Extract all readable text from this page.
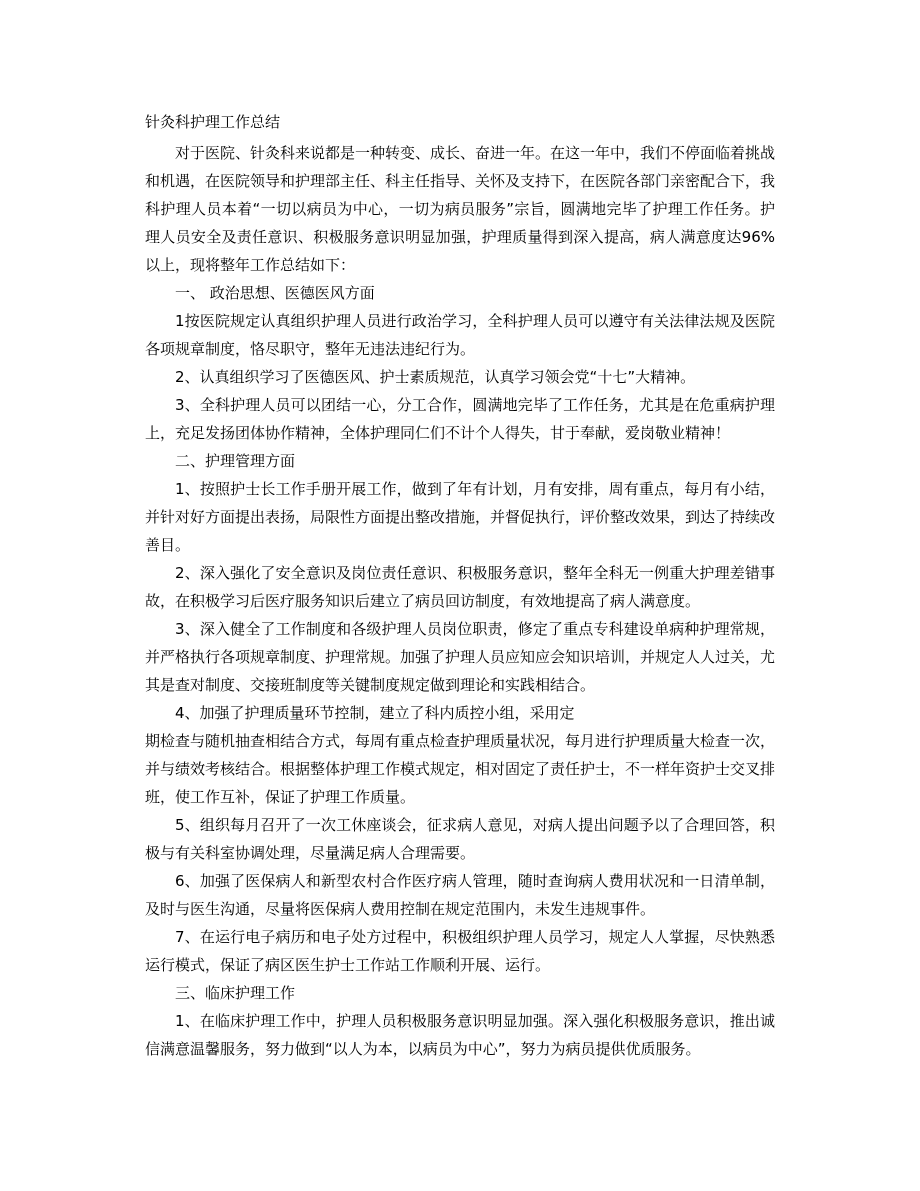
针灸科护理工作总结

对于医院、针灸科来说都是一种转变、成长、奋进一年。在这一年中，我们不停面临着挑战和机遇，在医院领导和护理部主任、科主任指导、关怀及支持下，在医院各部门亲密配合下，我科护理人员本着“一切以病员为中心，一切为病员服务”宗旨，圆满地完毕了护理工作任务。护理人员安全及责任意识、积极服务意识明显加强，护理质量得到深入提高，病人满意度达96%以上，现将整年工作总结如下：

一、 政治思想、医德医风方面

1按医院规定认真组织护理人员进行政治学习，全科护理人员可以遵守有关法律法规及医院各项规章制度，恪尽职守，整年无违法违纪行为。

2、认真组织学习了医德医风、护士素质规范，认真学习领会党“十七”大精神。

3、全科护理人员可以团结一心，分工合作，圆满地完毕了工作任务，尤其是在危重病护理上，充足发扬团体协作精神，全体护理同仁们不计个人得失，甘于奉献，爱岗敬业精神！

二、护理管理方面

1、按照护士长工作手册开展工作，做到了年有计划，月有安排，周有重点，每月有小结，并针对好方面提出表扬，局限性方面提出整改措施，并督促执行，评价整改效果，到达了持续改善目。

2、深入强化了安全意识及岗位责任意识、积极服务意识，整年全科无一例重大护理差错事故，在积极学习后医疗服务知识后建立了病员回访制度，有效地提高了病人满意度。

3、深入健全了工作制度和各级护理人员岗位职责，修定了重点专科建设单病种护理常规，并严格执行各项规章制度、护理常规。加强了护理人员应知应会知识培训，并规定人人过关，尤其是查对制度、交接班制度等关键制度规定做到理论和实践相结合。

4、加强了护理质量环节控制，建立了科内质控小组，采用定

期检查与随机抽查相结合方式，每周有重点检查护理质量状况，每月进行护理质量大检查一次，并与绩效考核结合。根据整体护理工作模式规定，相对固定了责任护士，不一样年资护士交叉排班，使工作互补，保证了护理工作质量。

5、组织每月召开了一次工休座谈会，征求病人意见，对病人提出问题予以了合理回答，积极与有关科室协调处理，尽量满足病人合理需要。

6、加强了医保病人和新型农村合作医疗病人管理，随时查询病人费用状况和一日清单制，及时与医生沟通，尽量将医保病人费用控制在规定范围内，未发生违规事件。

7、在运行电子病历和电子处方过程中，积极组织护理人员学习，规定人人掌握，尽快熟悉运行模式，保证了病区医生护士工作站工作顺利开展、运行。

三、临床护理工作

1、在临床护理工作中，护理人员积极服务意识明显加强。深入强化积极服务意识，推出诚信满意温馨服务，努力做到“以人为本，以病员为中心”，努力为病员提供优质服务。
